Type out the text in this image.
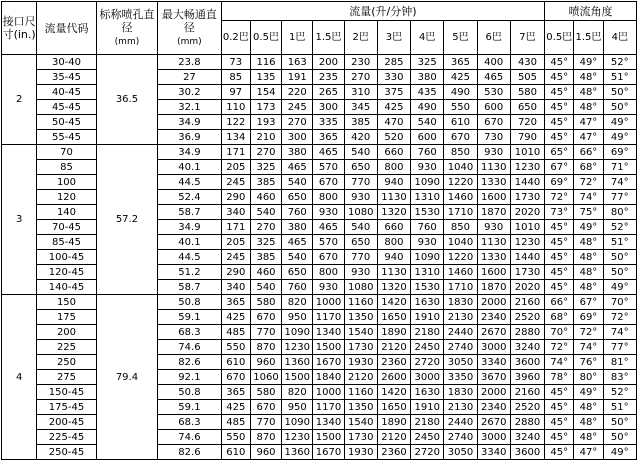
接口尺寸(in.)	流量代码	标称喷孔直径
(mm)	最大畅通直径
(mm)	流量(升/分钟)										喷流角度		
				0.2巴	0.5巴	1巴	1.5巴	2巴	3巴	4巴	5巴	6巴	7巴	0.5巴	1.5巴	4巴
2	30-40	36.5	23.8	73	116	163	200	230	285	325	365	400	430	45°	49°	52°
	35-45		27	85	135	191	235	270	330	380	425	465	505	45°	48°	51°
	40-45		30.2	97	154	220	265	310	375	435	490	530	580	45°	48°	50°
	45-45		32.1	110	173	245	300	345	425	490	550	600	650	45°	48°	50°
	50-45		34.9	122	193	270	335	385	470	540	610	670	720	45°	47°	49°
	55-45		36.9	134	210	300	365	420	520	600	670	730	790	45°	47°	49°
3	70	57.2	34.9	171	270	380	465	540	660	760	850	930	1010	65°	66°	69°
	85		40.1	205	325	465	570	650	800	930	1040	1130	1230	67°	68°	71°
	100		44.5	245	385	540	670	770	940	1090	1220	1330	1440	69°	72°	74°
	120		52.4	290	460	650	800	930	1130	1310	1460	1600	1730	72°	74°	77°
	140		58.7	340	540	760	930	1080	1320	1530	1710	1870	2020	73°	75°	80°
	70-45		34.9	171	270	380	465	540	660	760	850	930	1010	45°	49°	52°
	85-45		40.1	205	325	465	570	650	800	930	1040	1130	1230	45°	48°	51°
	100-45		44.5	245	385	540	670	770	940	1090	1220	1330	1440	45°	48°	50°
	120-45		51.2	290	460	650	800	930	1130	1310	1460	1600	1730	45°	48°	50°
	140-45		58.7	340	540	760	930	1080	1320	1530	1710	1870	2020	45°	48°	49°
4	150	79.4	50.8	365	580	820	1000	1160	1420	1630	1830	2000	2160	66°	67°	70°
	175		59.1	425	670	950	1170	1350	1650	1910	2130	2340	2520	68°	69°	72°
	200		68.3	485	770	1090	1340	1540	1890	2180	2440	2670	2880	70°	72°	74°
	225		74.6	550	870	1230	1500	1730	2120	2450	2740	3000	3240	72°	74°	77°
	250		82.6	610	960	1360	1670	1930	2360	2720	3050	3340	3600	74°	76°	81°
	275		92.1	670	1060	1500	1840	2120	2600	3000	3350	3670	3960	78°	80°	83°
	150-45		50.8	365	580	820	1000	1160	1420	1630	1830	2000	2160	45°	49°	52°
	175-45		59.1	425	670	950	1170	1350	1650	1910	2130	2340	2520	45°	48°	51°
	200-45		68.3	485	770	1090	1340	1540	1890	2180	2440	2670	2880	45°	48°	50°
	225-45		74.6	550	870	1230	1500	1730	2120	2450	2740	3000	3240	45°	48°	50°
	250-45		82.6	610	960	1360	1670	1930	2360	2720	3050	3340	3600	45°	47°	49°
